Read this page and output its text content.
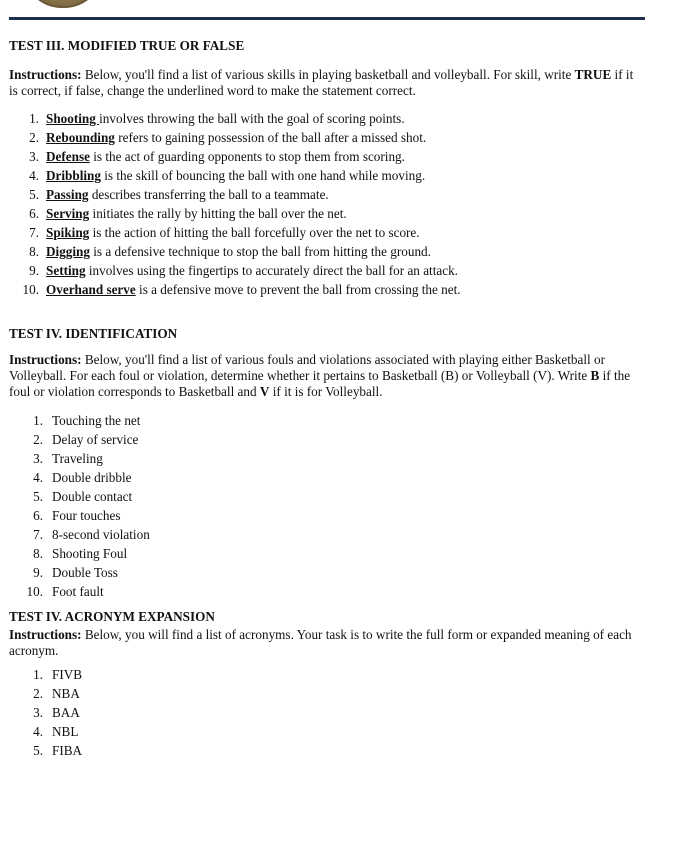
TEST III. MODIFIED TRUE OR FALSE

Instructions: Below, you'll find a list of various skills in playing basketball and volleyball. For skill, write TRUE if it is correct, if false, change the underlined word to make the statement correct.

1. Shooting involves throwing the ball with the goal of scoring points.
2. Rebounding refers to gaining possession of the ball after a missed shot.
3. Defense is the act of guarding opponents to stop them from scoring.
4. Dribbling is the skill of bouncing the ball with one hand while moving.
5. Passing describes transferring the ball to a teammate.
6. Serving initiates the rally by hitting the ball over the net.
7. Spiking is the action of hitting the ball forcefully over the net to score.
8. Digging is a defensive technique to stop the ball from hitting the ground.
9. Setting involves using the fingertips to accurately direct the ball for an attack.
10. Overhand serve is a defensive move to prevent the ball from crossing the net.

TEST IV. IDENTIFICATION

Instructions: Below, you'll find a list of various fouls and violations associated with playing either Basketball or Volleyball. For each foul or violation, determine whether it pertains to Basketball (B) or Volleyball (V). Write B if the foul or violation corresponds to Basketball and V if it is for Volleyball.

1. Touching the net
2. Delay of service
3. Traveling
4. Double dribble
5. Double contact
6. Four touches
7. 8-second violation
8. Shooting Foul
9. Double Toss
10. Foot fault

TEST IV. ACRONYM EXPANSION

Instructions: Below, you will find a list of acronyms. Your task is to write the full form or expanded meaning of each acronym.

1. FIVB
2. NBA
3. BAA
4. NBL
5. FIBA
